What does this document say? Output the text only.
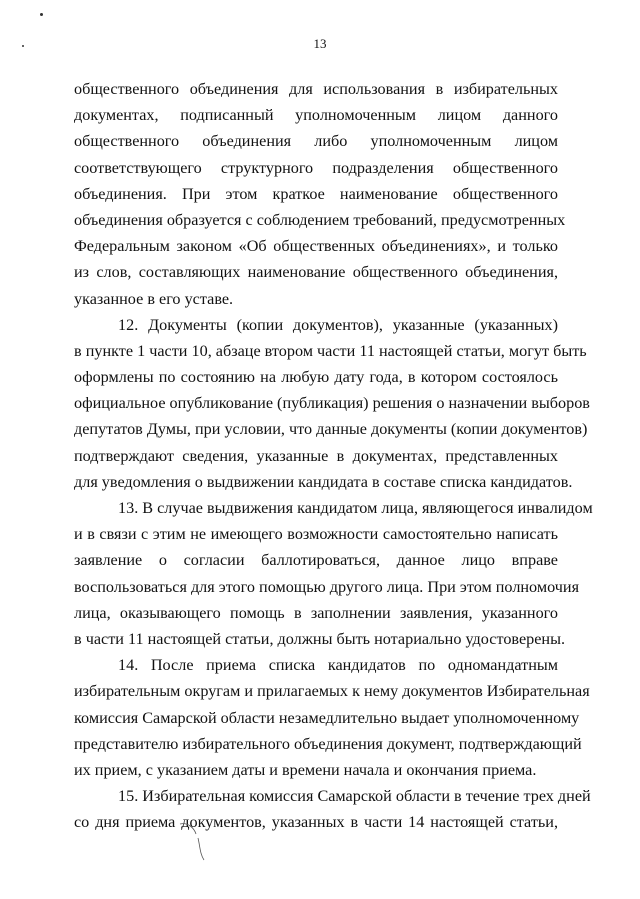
13
общественного объединения для использования в избирательных
документах, подписанный уполномоченным лицом данного
общественного объединения либо уполномоченным лицом
соответствующего структурного подразделения общественного
объединения. При этом краткое наименование общественного
объединения образуется с соблюдением требований, предусмотренных
Федеральным законом «Об общественных объединениях», и только
из слов, составляющих наименование общественного объединения,
указанное в его уставе.
12. Документы (копии документов), указанные (указанных)
в пункте 1 части 10, абзаце втором части 11 настоящей статьи, могут быть
оформлены по состоянию на любую дату года, в котором состоялось
официальное опубликование (публикация) решения о назначении выборов
депутатов Думы, при условии, что данные документы (копии документов)
подтверждают сведения, указанные в документах, представленных
для уведомления о выдвижении кандидата в составе списка кандидатов.
13. В случае выдвижения кандидатом лица, являющегося инвалидом
и в связи с этим не имеющего возможности самостоятельно написать
заявление о согласии баллотироваться, данное лицо вправе
воспользоваться для этого помощью другого лица. При этом полномочия
лица, оказывающего помощь в заполнении заявления, указанного
в части 11 настоящей статьи, должны быть нотариально удостоверены.
14. После приема списка кандидатов по одномандатным
избирательным округам и прилагаемых к нему документов Избирательная
комиссия Самарской области незамедлительно выдает уполномоченному
представителю избирательного объединения документ, подтверждающий
их прием, с указанием даты и времени начала и окончания приема.
15. Избирательная комиссия Самарской области в течение трех дней
со дня приема документов, указанных в части 14 настоящей статьи,
